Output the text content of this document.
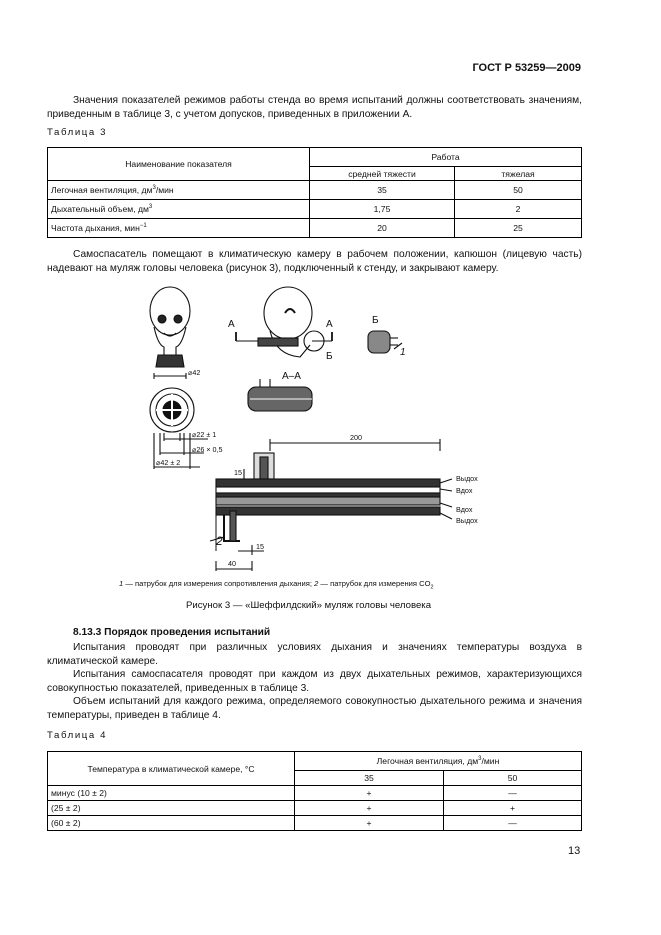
ГОСТ Р 53259—2009

Значения показателей режимов работы стенда во время испытаний должны соответствовать значениям, приведенным в таблице 3, с учетом допусков, приведенных в приложении А.

Таблица 3
Наименование показателя	Работа	
	средней тяжести	тяжелая
Легочная вентиляция, $дм^3$/мин	35	50
Дыхательный объем, $дм^3$	1,75	2
Частота дыхания, мин$^{-1}$	20	25

Самоспасатель помещают в климатическую камеру в рабочем положении, капюшон (лицевую часть) надевают на муляж головы человека (рисунок 3), подключенный к стенду, и закрывают камеру.

⌀42
⌀22 ± 1
⌀26 × 0,5
⌀42 ± 2
200
15
15
40
Выдох
Вдох
Вдох
Выдох
А	А
Б
Б
1
А–А
2
1 — патрубок для измерения сопротивления дыхания; 2 — патрубок для измерения $CO_2$
Рисунок 3 — «Шеффилдский» муляж головы человека
8.13.3 Порядок проведения испытаний

Испытания проводят при различных условиях дыхания и значениях температуры воздуха в климатической камере.

Испытания самоспасателя проводят при каждом из двух дыхательных режимов, характеризующихся совокупностью показателей, приведенных в таблице 3.

Объем испытаний для каждого режима, определяемого совокупностью дыхательного режима и значения температуры, приведен в таблице 4.

Таблица 4
Температура в климатической камере, °С	Легочная вентиляция, $дм^3$/мин	
	35	50
минус (10 ± 2)	+	—
(25 ± 2)	+	+
(60 ± 2)	+	—
13
